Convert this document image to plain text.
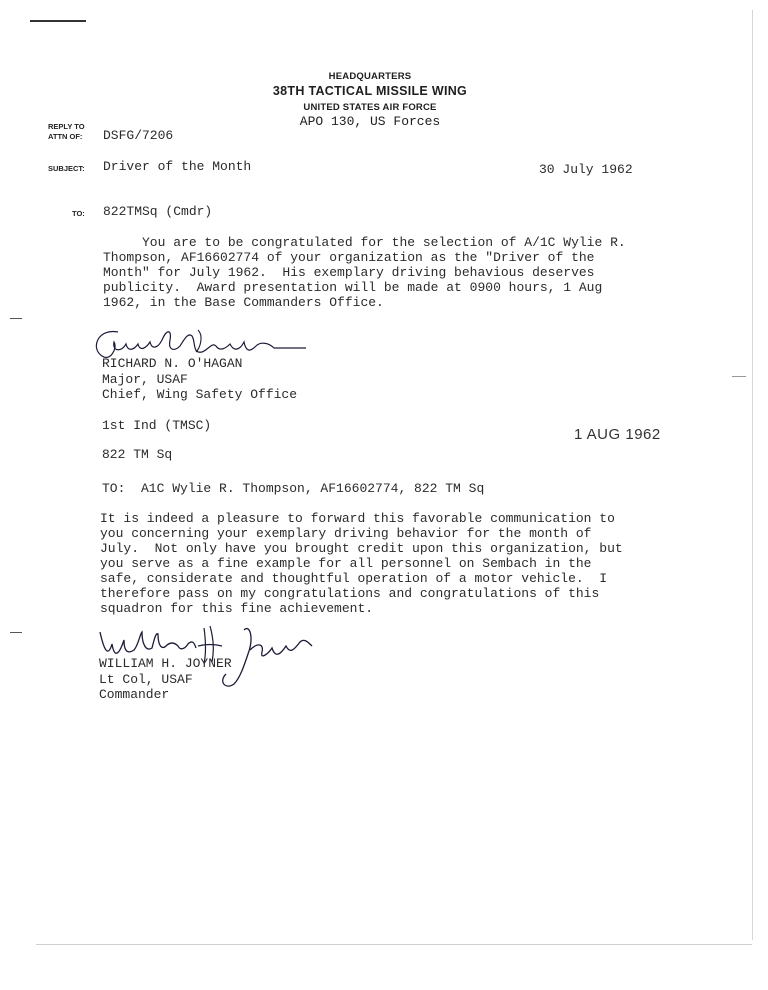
HEADQUARTERS
38TH TACTICAL MISSILE WING
UNITED STATES AIR FORCE
APO 130, US Forces
REPLY TO
ATTN OF: DSFG/7206
SUBJECT: Driver of the Month	30 July 1962
TO: 822TMSq (Cmdr)
You are to be congratulated for the selection of A/1C Wylie R.
Thompson, AF16602774 of your organization as the "Driver of the
Month" for July 1962.  His exemplary driving behavious deserves
publicity.  Award presentation will be made at 0900 hours, 1 Aug
1962, in the Base Commanders Office.
RICHARD N. O'HAGAN
Major, USAF
Chief, Wing Safety Office
1st Ind (TMSC)
1 AUG 1962
822 TM Sq
TO:  A1C Wylie R. Thompson, AF16602774, 822 TM Sq
It is indeed a pleasure to forward this favorable communication to
you concerning your exemplary driving behavior for the month of
July.  Not only have you brought credit upon this organization, but
you serve as a fine example for all personnel on Sembach in the
safe, considerate and thoughtful operation of a motor vehicle.  I
therefore pass on my congratulations and congratulations of this
squadron for this fine achievement.
WILLIAM H. JOYNER
Lt Col, USAF
Commander
